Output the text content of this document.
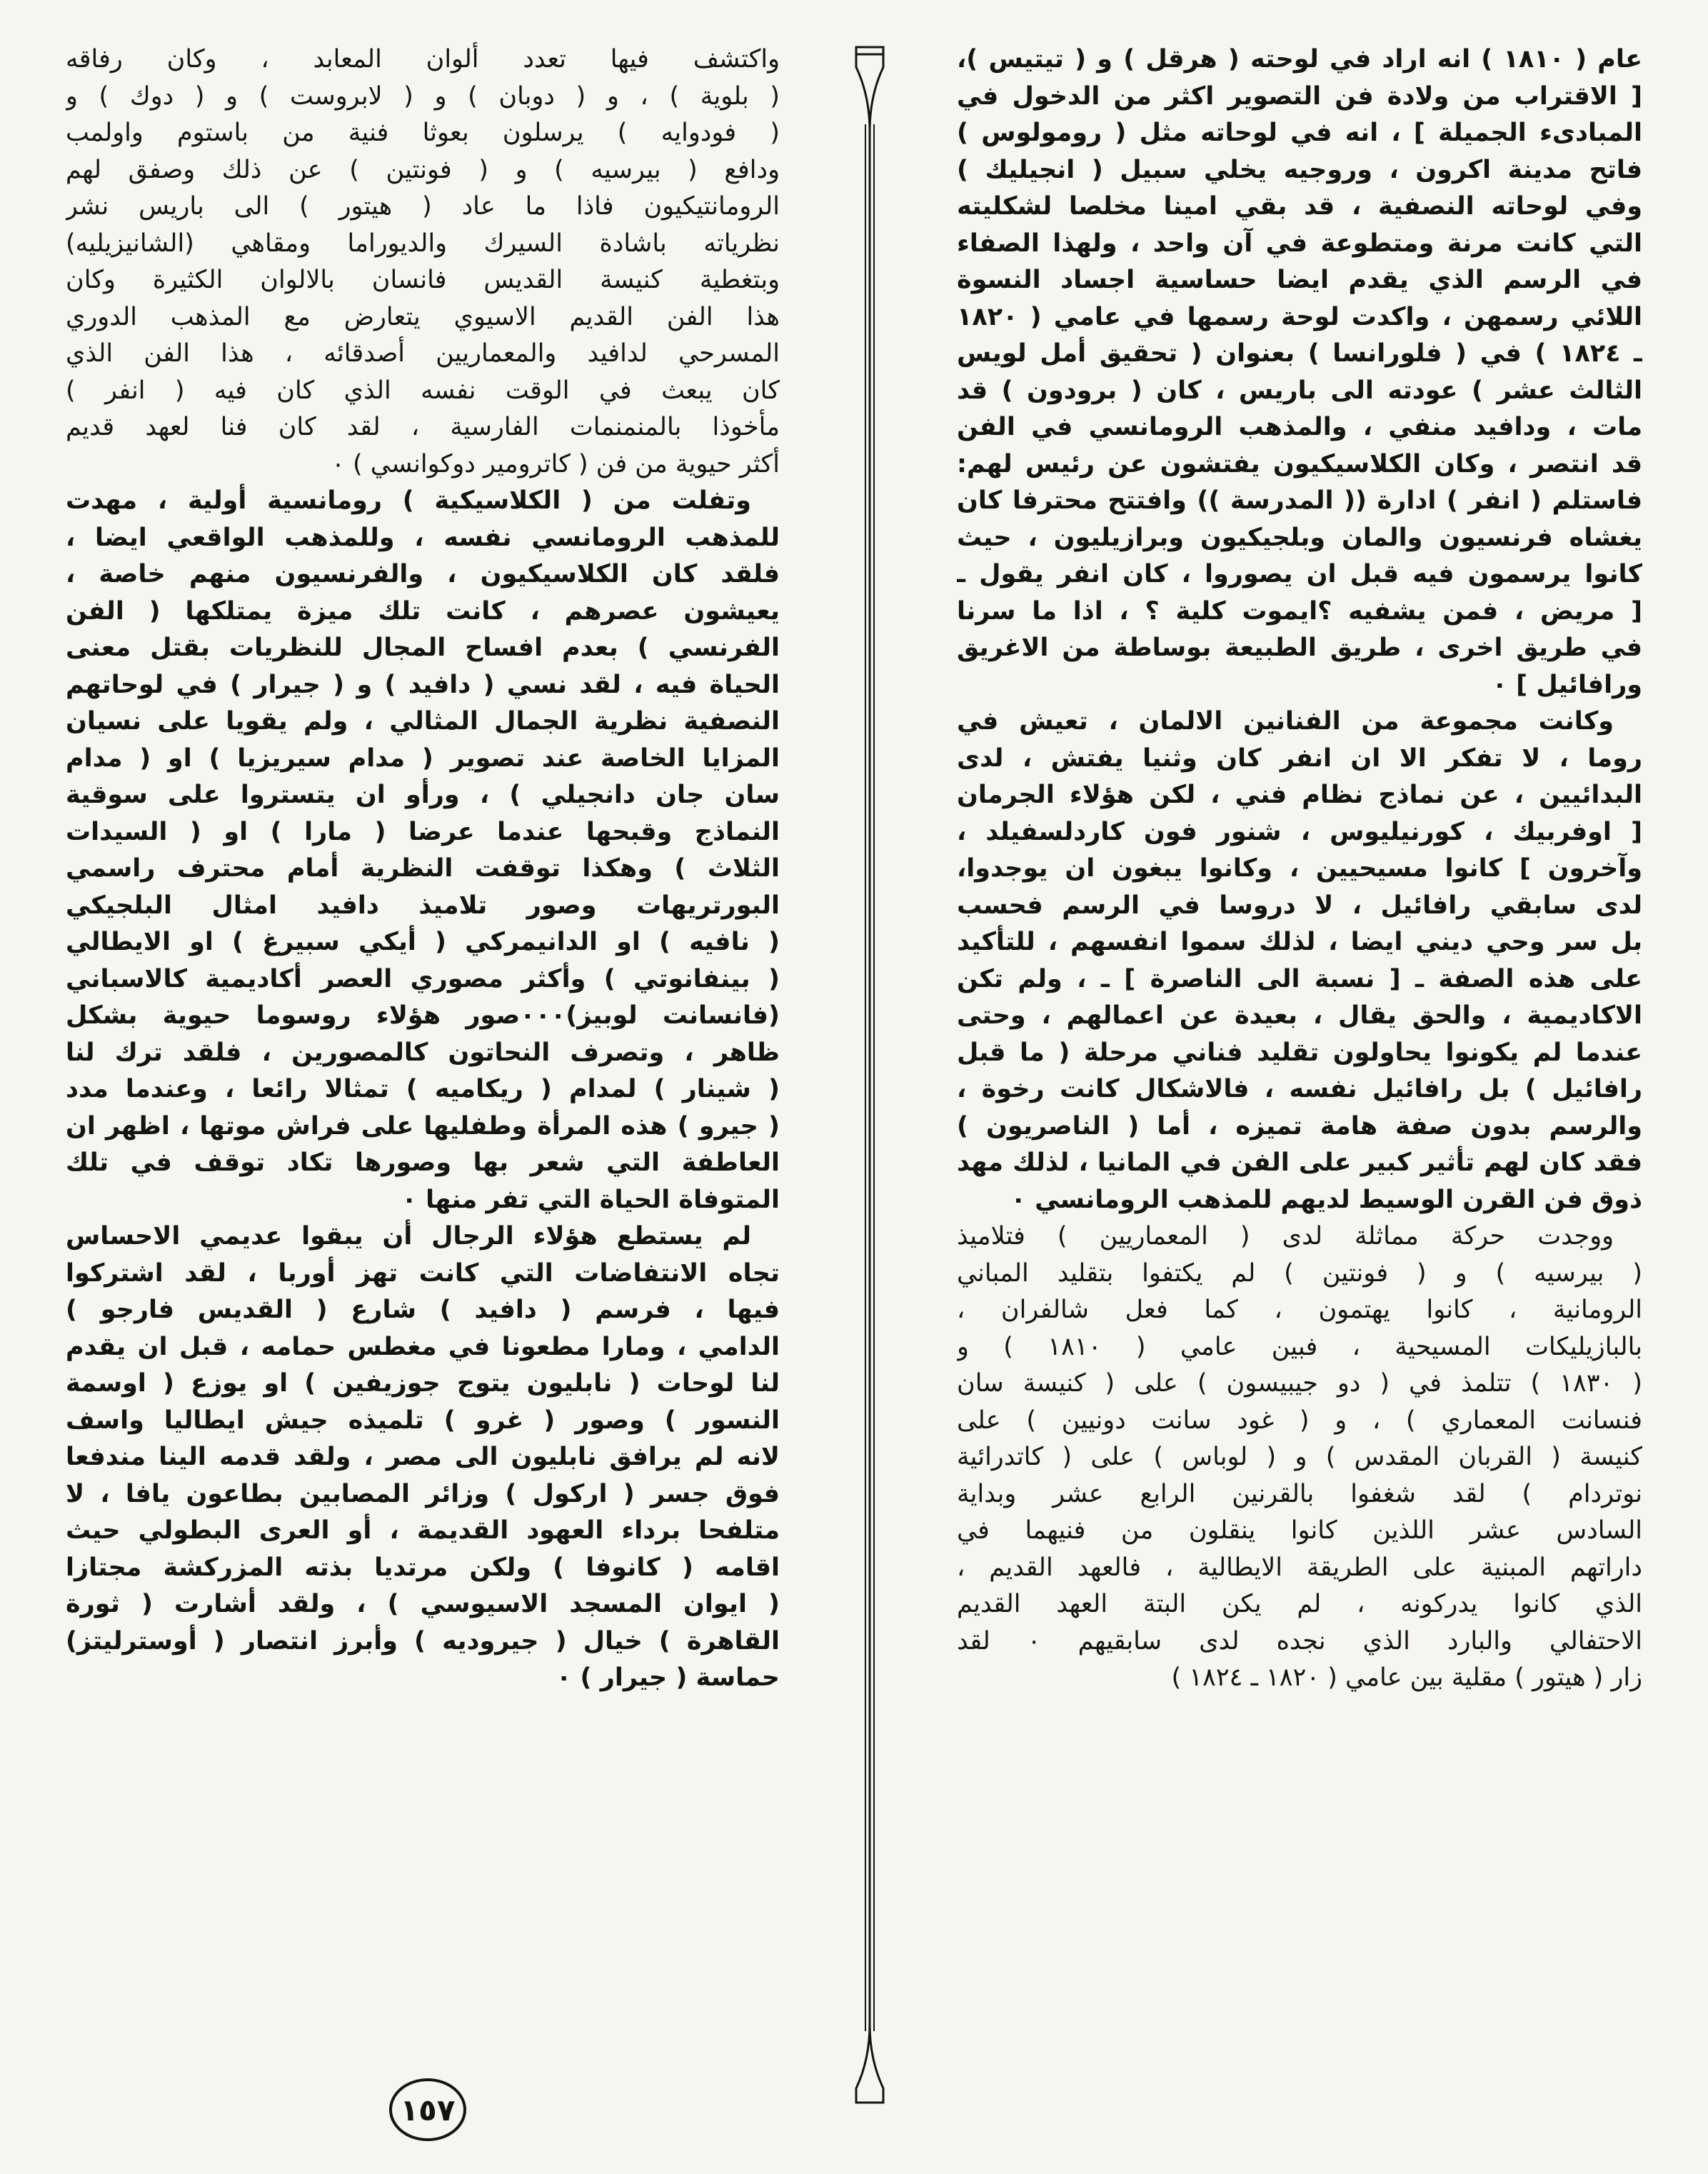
عام ( ١٨١٠ ) انه اراد في لوحته ( هرقل ) و ( تيتيس )،
[ الاقتراب من ولادة فن التصوير اكثر من الدخول في
المبادىء الجميلة ] ، انه في لوحاته مثل ( رومولوس )
فاتح مدينة اكرون ، وروجيه يخلي سبيل ( انجيليك )
وفي لوحاته النصفية ، قد بقي امينا مخلصا لشكليته
التي كانت مرنة ومتطوعة في آن واحد ، ولهذا الصفاء
في الرسم الذي يقدم ايضا حساسية اجساد النسوة
اللائي رسمهن ، واكدت لوحة رسمها في عامي ( ١٨٢٠
ـ ١٨٢٤ ) في ( فلورانسا ) بعنوان ( تحقيق أمل لويس
الثالث عشر ) عودته الى باريس ، كان ( برودون ) قد
مات ، ودافيد منفي ، والمذهب الرومانسي في الفن
قد انتصر ، وكان الكلاسيكيون يفتشون عن رئيس لهم:
فاستلم ( انفر ) ادارة (( المدرسة )) وافتتح محترفا كان
يغشاه فرنسيون والمان وبلجيكيون وبرازيليون ، حيث
كانوا يرسمون فيه قبل ان يصوروا ، كان انفر يقول ـ
[ مريض ، فمن يشفيه ؟ايموت كلية ؟ ، اذا ما سرنا
في طريق اخرى ، طريق الطبيعة بوساطة من الاغريق
ورافائيل ] ٠
وكانت مجموعة من الفنانين الالمان ، تعيش في
روما ، لا تفكر الا ان انفر كان وثنيا يفتش ، لدى
البدائيين ، عن نماذج نظام فني ، لكن هؤلاء الجرمان
[ اوفربيك ، كورنيليوس ، شنور فون كاردلسفيلد ،
وآخرون ] كانوا مسيحيين ، وكانوا يبغون ان يوجدوا،
لدى سابقي رافائيل ، لا دروسا في الرسم فحسب
بل سر وحي ديني ايضا ، لذلك سموا انفسهم ، للتأكيد
على هذه الصفة ـ [ نسبة الى الناصرة ] ـ ، ولم تكن
الاكاديمية ، والحق يقال ، بعيدة عن اعمالهم ، وحتى
عندما لم يكونوا يحاولون تقليد فناني مرحلة ( ما قبل
رافائيل ) بل رافائيل نفسه ، فالاشكال كانت رخوة ،
والرسم بدون صفة هامة تميزه ، أما ( الناصريون )
فقد كان لهم تأثير كبير على الفن في المانيا ، لذلك مهد
ذوق فن القرن الوسيط لديهم للمذهب الرومانسي ٠
ووجدت حركة مماثلة لدى ( المعماريين ) فتلاميذ
( بيرسيه ) و ( فونتين ) لم يكتفوا بتقليد المباني
الرومانية ، كانوا يهتمون ، كما فعل شالفران ،
بالبازيليكات المسيحية ، فبين عامي ( ١٨١٠ ) و
( ١٨٣٠ ) تتلمذ في ( دو جيبيسون ) على ( كنيسة سان
فنسانت المعماري ) ، و ( غود سانت دونيين ) على
كنيسة ( القربان المقدس ) و ( لوباس ) على ( كاتدرائية
نوتردام ) لقد شغفوا بالقرنين الرابع عشر وبداية
السادس عشر اللذين كانوا ينقلون من فنيهما في
داراتهم المبنية على الطريقة الايطالية ، فالعهد القديم ،
الذي كانوا يدركونه ، لم يكن البتة العهد القديم
الاحتفالي والبارد الذي نجده لدى سابقيهم ٠ لقد
زار ( هيتور ) مقلية بين عامي ( ١٨٢٠ ـ ١٨٢٤ )
واكتشف فيها تعدد ألوان المعابد ، وكان رفاقه
( بلوية ) ، و ( دوبان ) و ( لابروست ) و ( دوك ) و
( فودوايه ) يرسلون بعوثا فنية من باستوم واولمب
ودافع ( بيرسيه ) و ( فونتين ) عن ذلك وصفق لهم
الرومانتيكيون فاذا ما عاد ( هيتور ) الى باريس نشر
نظرياته باشادة السيرك والديوراما ومقاهي (الشانيزيليه)
وبتغطية كنيسة القديس فانسان بالالوان الكثيرة وكان
هذا الفن القديم الاسيوي يتعارض مع المذهب الدوري
المسرحي لدافيد والمعماريين أصدقائه ، هذا الفن الذي
كان يبعث في الوقت نفسه الذي كان فيه ( انفر )
مأخوذا بالمنمنمات الفارسية ، لقد كان فنا لعهد قديم
أكثر حيوية من فن ( كاترومير دوكوانسي ) ٠
وتفلت من ( الكلاسيكية ) رومانسية أولية ، مهدت
للمذهب الرومانسي نفسه ، وللمذهب الواقعي ايضا ،
فلقد كان الكلاسيكيون ، والفرنسيون منهم خاصة ،
يعيشون عصرهم ، كانت تلك ميزة يمتلكها ( الفن
الفرنسي ) بعدم افساح المجال للنظريات بقتل معنى
الحياة فيه ، لقد نسي ( دافيد ) و ( جيرار ) في لوحاتهم
النصفية نظرية الجمال المثالي ، ولم يقويا على نسيان
المزايا الخاصة عند تصوير ( مدام سيريزيا ) او ( مدام
سان جان دانجيلي ) ، ورأو ان يتستروا على سوقية
النماذج وقبحها عندما عرضا ( مارا ) او ( السيدات
الثلاث ) وهكذا توقفت النظرية أمام محترف راسمي
البورتريهات وصور تلاميذ دافيد امثال البلجيكي
( نافيه ) او الدانيمركي ( أيكي سبيرغ ) او الايطالي
( بينفانوتي ) وأكثر مصوري العصر أكاديمية كالاسباني
(فانسانت لوبيز)٠٠٠صور هؤلاء روسوما حيوية بشكل
ظاهر ، وتصرف النحاتون كالمصورين ، فلقد ترك لنا
( شينار ) لمدام ( ريكاميه ) تمثالا رائعا ، وعندما مدد
( جيرو ) هذه المرأة وطفليها على فراش موتها ، اظهر ان
العاطفة التي شعر بها وصورها تكاد توقف في تلك
المتوفاة الحياة التي تفر منها ٠
لم يستطع هؤلاء الرجال أن يبقوا عديمي الاحساس
تجاه الانتفاضات التي كانت تهز أوربا ، لقد اشتركوا
فيها ، فرسم ( دافيد ) شارع ( القديس فارجو )
الدامي ، ومارا مطعونا في مغطس حمامه ، قبل ان يقدم
لنا لوحات ( نابليون يتوج جوزيفين ) او يوزع ( اوسمة
النسور ) وصور ( غرو ) تلميذه جيش ايطاليا واسف
لانه لم يرافق نابليون الى مصر ، ولقد قدمه الينا مندفعا
فوق جسر ( اركول ) وزائر المصابين بطاعون يافا ، لا
متلفحا برداء العهود القديمة ، أو العرى البطولي حيث
اقامه ( كانوفا ) ولكن مرتديا بذته المزركشة مجتازا
( ايوان المسجد الاسيوسي ) ، ولقد أشارت ( ثورة
القاهرة ) خيال ( جيروديه ) وأبرز انتصار ( أوسترليتز)
حماسة ( جيرار ) ٠
١٥٧
